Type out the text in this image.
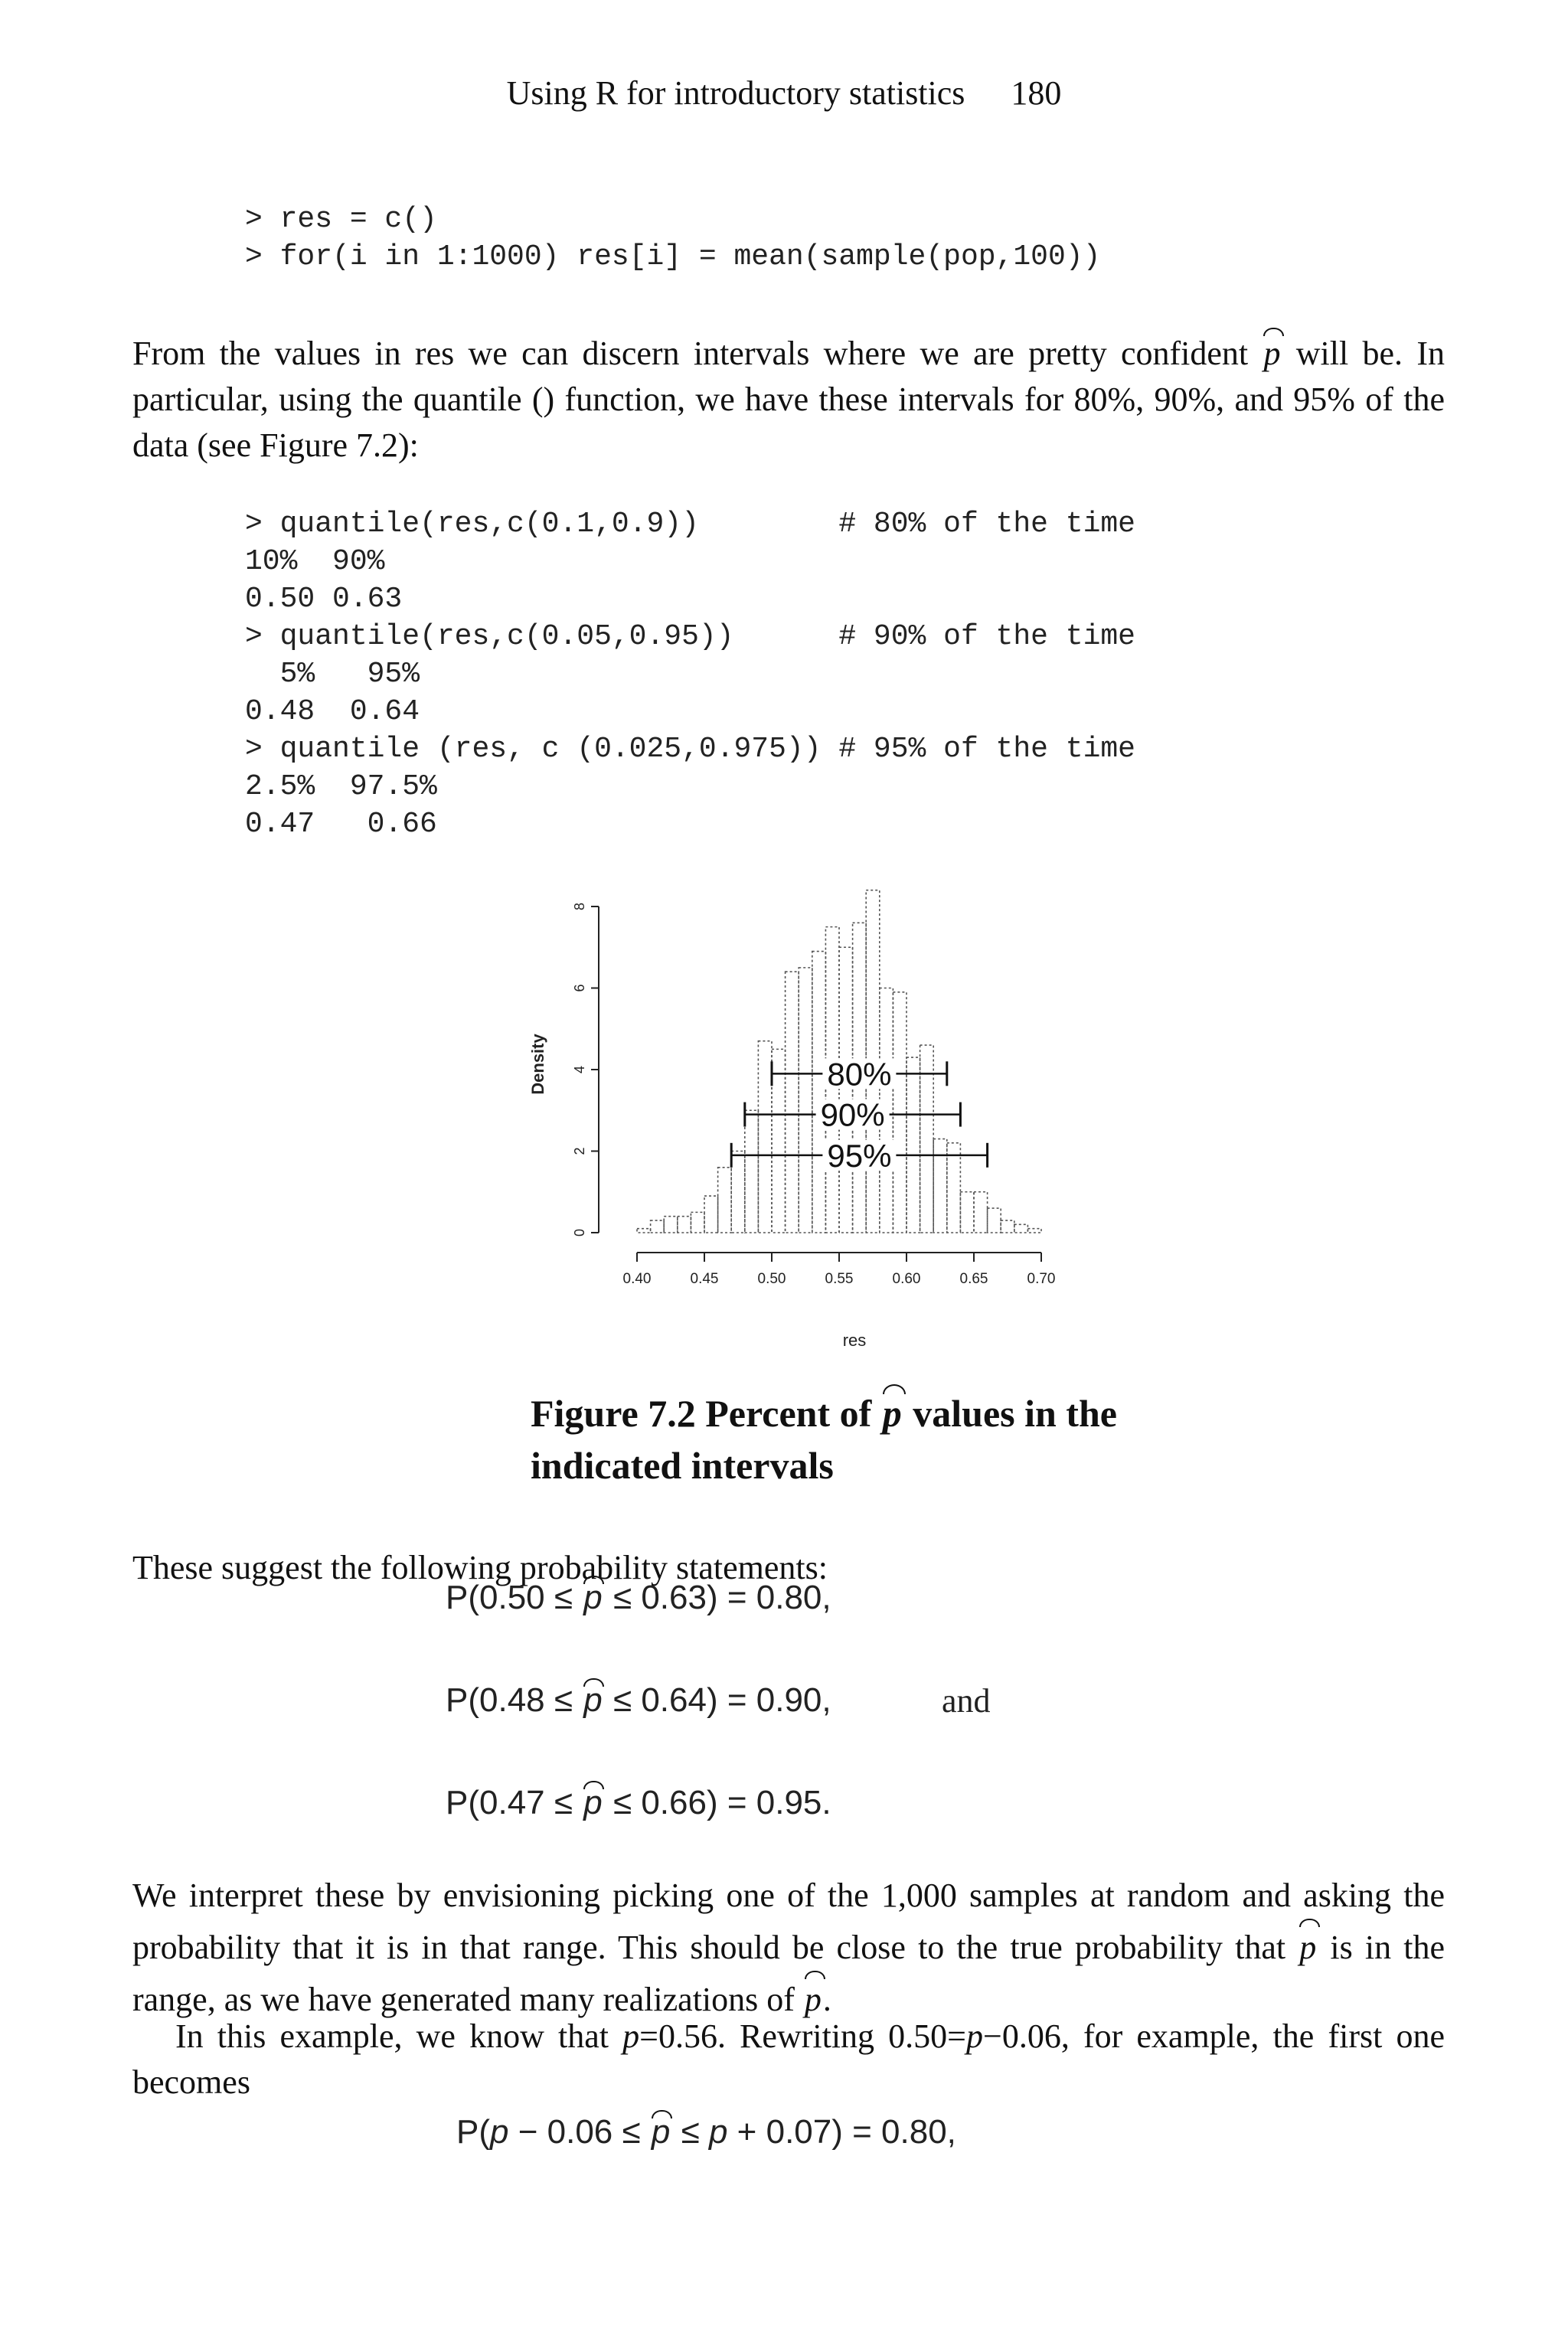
Using R for introductory statistics 180
> res = c()
> for(i in 1:1000) res[i] = mean(sample(pop,100))

From the values in res we can discern intervals where we are pretty confident p will be. In particular, using the quantile () function, we have these intervals for 80%, 90%, and 95% of the data (see Figure 7.2):

> quantile(res,c(0.1,0.9))        # 80% of the time
10%  90%
0.50 0.63
> quantile(res,c(0.05,0.95))      # 90% of the time
5%   95%
0.48  0.64
> quantile (res, c (0.025,0.975)) # 95% of the time
2.5%  97.5%
0.47   0.66
0
2
4
6
8
0.40	0.45	0.50	0.55	0.60	0.65	0.70
80%
90%
95%
Density
res
Figure 7.2 Percent of p values in the indicated intervals

These suggest the following probability statements:

P(0.50 ≤ p ≤ 0.63) = 0.80,
P(0.48 ≤ p ≤ 0.64) = 0.90,	and
P(0.47 ≤ p ≤ 0.66) = 0.95.

We interpret these by envisioning picking one of the 1,000 samples at random and asking the probability that it is in that range. This should be close to the true probability that p is in the range, as we have generated many realizations of p.

In this example, we know that p=0.56. Rewriting 0.50=p−0.06, for example, the first one becomes

P(p − 0.06 ≤ p ≤ p + 0.07) = 0.80,
